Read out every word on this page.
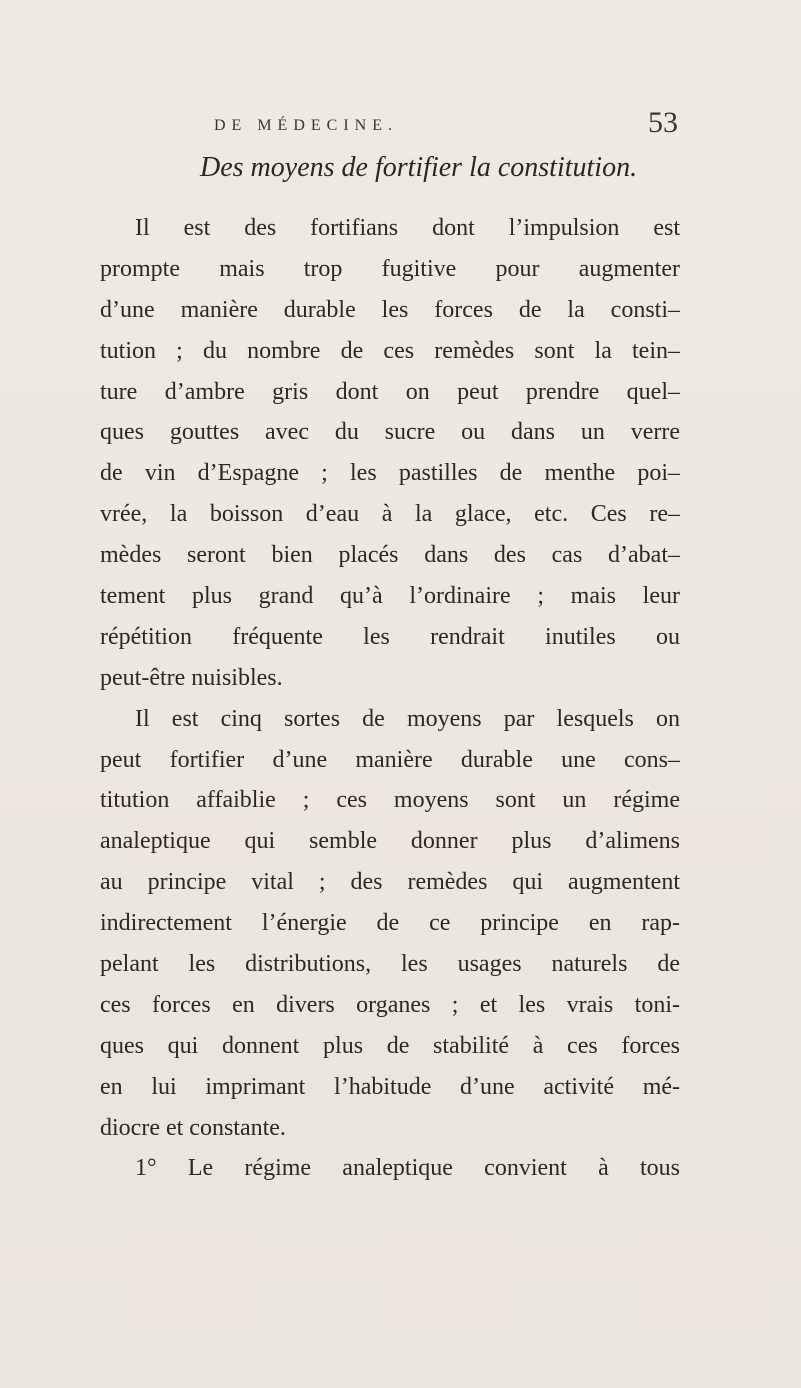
DE MÉDECINE.	53
Des moyens de fortifier la constitution.
Il est des fortifians dont l’impulsion est
prompte mais trop fugitive pour augmenter
d’une manière durable les forces de la consti–
tution ; du nombre de ces remèdes sont la tein–
ture d’ambre gris dont on peut prendre quel–
ques gouttes avec du sucre ou dans un verre
de vin d’Espagne ; les pastilles de menthe poi–
vrée, la boisson d’eau à la glace, etc. Ces re–
mèdes seront bien placés dans des cas d’abat–
tement plus grand qu’à l’ordinaire ; mais leur
répétition fréquente les rendrait inutiles ou
peut-être nuisibles.
Il est cinq sortes de moyens par lesquels on
peut fortifier d’une manière durable une cons–
titution affaiblie ; ces moyens sont un régime
analeptique qui semble donner plus d’alimens
au principe vital ; des remèdes qui augmentent
indirectement l’énergie de ce principe en rap-
pelant les distributions, les usages naturels de
ces forces en divers organes ; et les vrais toni-
ques qui donnent plus de stabilité à ces forces
en lui imprimant l’habitude d’une activité mé-
diocre et constante.
1° Le régime analeptique convient à tous
